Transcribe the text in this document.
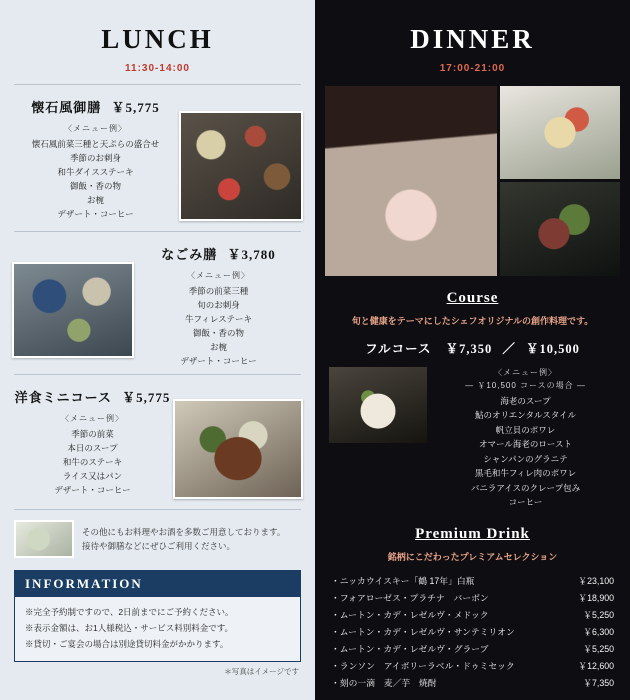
LUNCH
11:30-14:00
懐石風御膳 ￥5,775
〈メニュー例〉
懐石風前菜三種と天ぷらの盛合せ
季節のお刺身
和牛ダイスステーキ
御飯・香の物
お椀
デザート・コーヒー
なごみ膳 ￥3,780
〈メニュー例〉
季節の前菜三種
旬のお刺身
牛フィレステーキ
御飯・香の物
お椀
デザート・コーヒー
洋食ミニコース ￥5,775
〈メニュー例〉
季節の前菜
本日のスープ
和牛のステーキ
ライス又はパン
デザート・コーヒー
その他にもお料理やお酒を多数ご用意しております。
接待や御膳などにぜひご利用ください。
INFORMATION
※完全予約制ですので、2日前までにご予約ください。
※表示金額は、お1人様税込・サービス料別料金です。
※貸切・ご宴会の場合は別途貸切料金がかかります。
＊写真はイメージです
DINNER
17:00-21:00
Course
旬と健康をテーマにしたシェフオリジナルの創作料理です。
フルコース ￥7,350 ／ ￥10,500
〈メニュー例〉
— ￥10,500 コースの場合 —
海老のスープ
鮎のオリエンタルスタイル
帆立貝のポワレ
オマール海老のロースト
シャンパンのグラニテ
黒毛和牛フィレ肉のポワレ
バニラアイスのクレープ包み
コーヒー
Premium Drink
銘柄にこだわったプレミアムセレクション
・ニッカウイスキー「鶴 17年」白瓶	￥23,100
・フォアローゼス・プラチナ　バーボン	￥18,900
・ムートン・カデ・レゼルヴ・メドック	￥5,250
・ムートン・カデ・レゼルヴ・サンテミリオン	￥6,300
・ムートン・カデ・レゼルヴ・グラーブ	￥5,250
・ランソン　アイボリーラベル・ドゥミセック	￥12,600
・刻の一滴　麦／芋　焼酎	￥7,350
